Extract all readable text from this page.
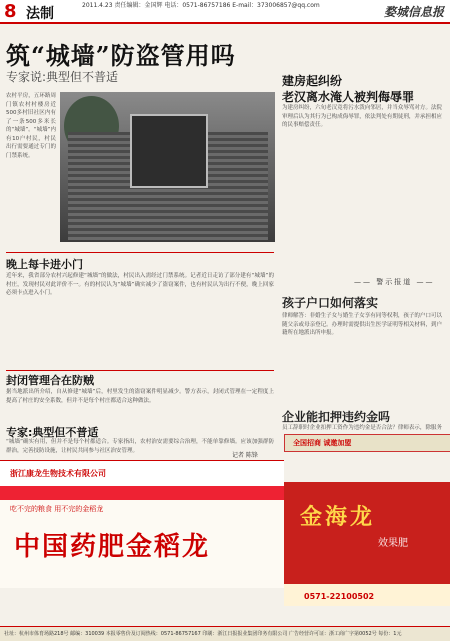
8 法制
2011.4.23 责任编辑：金国辉 电话：0571-86757186 E-mail：373006857@qq.com	婺城信息报
筑“城墙”防盗管用吗
专家说:典型但不普适
农村平房，五环路周门镇农村村楼房近500多村旧社区内有了一条500多米长的“城墙”。“城墙”内有10户村民，村民出行需要通过专门的门禁系统。
晚上每卡进小门
近年来，我省部分农村兴起修建“城墙”的做法，村民出入需经过门禁系统。记者近日走访了部分建有“城墙”的村庄，发现村民对此评价不一。有的村民认为“城墙”确实减少了盗窃案件，也有村民认为出行不便，晚上回家必须卡点进入小门。
封闭管理合在防贼
据当地派出所介绍，自从修建“城墙”后，村里发生的盗窃案件明显减少。警方表示，封闭式管理在一定程度上提高了村庄的安全系数，但并不是每个村庄都适合这种做法。
专家:典型但不普适
“城墙”确实有用，但并不是每个村都适合。专家指出，农村治安需要综合治理，不能单靠修墙。应该加强群防群治，完善技防设施，让村民共同参与社区治安管理。
记者 陈锋
建房起纠纷
老汉离水淹人被判侮辱罪
为建房纠纷，六旬老汉竟将污水泼向邻居，并当众辱骂对方。法院审理后认为其行为已构成侮辱罪，依法判处有期徒刑，并承担相应的民事赔偿责任。
—— 警示报道 ——
孩子户口如何落实
律师解答：非婚生子女与婚生子女享有同等权利，孩子的户口可以随父亲或母亲登记。办理时需提供出生医学证明等相关材料，到户籍所在地派出所申报。
企业能扣押违约金吗
员工辞职时企业扣押工资作为违约金是否合法？律师表示，除服务
全国招商 诚邀加盟
浙江康龙生物技术有限公司
吃不完的粮食 用不完的金稻龙
中国药肥金稻龙
金海龙
效果肥
0571-22100502
社址：杭州市体育场路218号 邮编：310039 本报零售价及订阅热线：0571-86757167 印刷：浙江日报报业集团印务有限公司 广告经营许可证：浙工商广字第0052号 每份：1元
